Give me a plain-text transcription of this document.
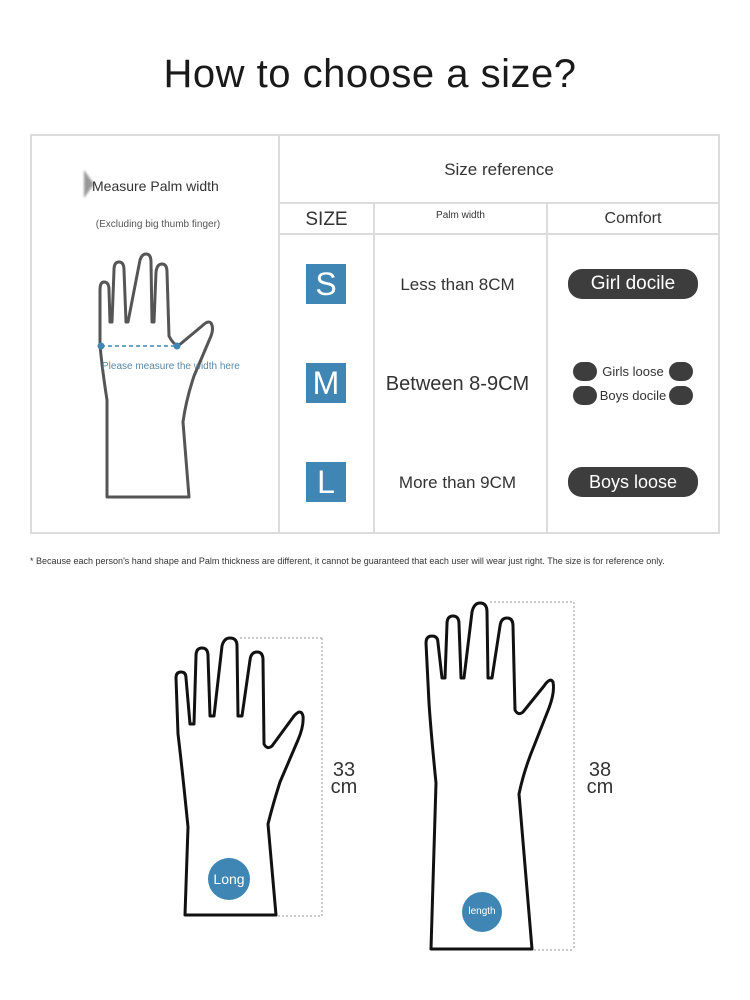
How to choose a size?
Measure Palm width
(Excluding big thumb finger)
Please measure the width here
Size reference
SIZE	Palm width	Comfort
S	Less than 8CM	Girl docile
M	Between 8-9CM
Girls loose
Boys docile
L	More than 9CM	Boys loose
* Because each person's hand shape and Palm thickness are different, it cannot be guaranteed that each user will wear just right. The size is for reference only.
33
cm
Long
38
cm
length
